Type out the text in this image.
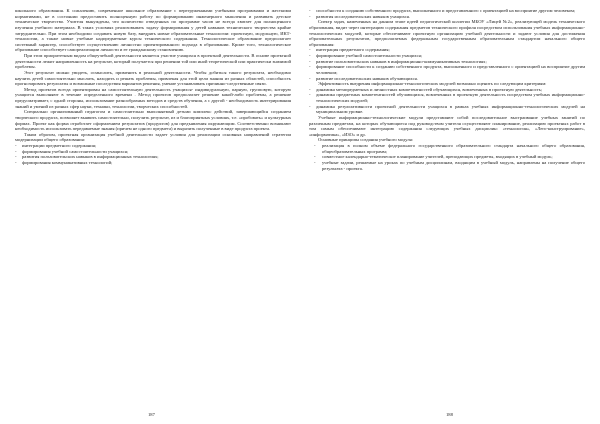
школьного образования. К сожалению, современное школьное образование с перегруженными учебными программами и жесткими нормативами, не в состоянии предоставить полноценную работу по формированию инженерного мышления и развивать детское техническое творчество. Учителя вынуждены, что количество отведенных по программе часов не всегда хватает для полноценного изучения учебного материала. В таких условиях реализовывать задачу формирования у детей навыков технического творчества крайне затруднительно. При этом необходимо создавать новую базу, внедрять новые образовательные технологии: проектную, модульную, ИКТ-технологии, а также новые учебные надпредметные курсы технического содержания. Технологическое образование предполагает системный характер, способствует осуществлению личностно ориентированного подхода в образовании. Кроме того, технологическое образование способствует самореализации личности и ее гражданскому становлению.

При этом приоритетным видом общеучебной деятельности является участие учащихся в проектной деятельности. В основе проектной деятельности лежит направленность на результат, который получается при решении той или иной теоретической или практически значимой проблемы.

Этот результат можно увидеть, осмыслить, применить в реальной деятельности. Чтобы добиться такого результата, необходимо научить детей самостоятельно мыслить, находить и решать проблемы, привлекая для этой цели знания из разных областей, способность прогнозировать результаты и возможные последствия вариантов решения, умение устанавливать причинно-следственные связи.

Метод проектов всегда ориентирован на самостоятельную деятельность учащихся- индивидуальную, парную, групповую, которую учащиеся выполняют в течение определенного времени . Метод проектов предполагает решение какой-либо проблемы, а решение предусматривает, с одной стороны, использование разнообразных методов и средств обучения, а с другой - необходимость интегрирования знаний и умений из разных сфер науки, техники, технологии, творческих способностей.

Специально организованный педагогом и самостоятельно выполняемый детьми комплекс действий, завершающийся созданием творческого продукта, позволяет выявить самостоятельно, получить результат, из и благоприятных условиях, т.е. «пробовать» и культурных формах. Проект как форма отработает оформлением результатов (продуктов) для предъявления окружающим. Соответственно возникают необходимость использовать передаваемые знания (причем не одного предмета) и выразить полученные в виде продукта проекта.

Таким образом, проектная организация учебной деятельности задает условия для реализации основных направлений стратегии модернизации общего образования:

- интеграции предметного содержания;
- формирования учебной самостоятельности учащихся;
- развития пользовательских навыков в информационных технологиях;
- формирования коммуникативных технологий;
187
- способности к созданию собственного продукта, выполненного и представленного с ориентацией на восприятие другим человеком;
- развития исследовательских навыков учащихся.

Спектр задач, намеченных на данном этапе идеей педагогической коллегии МБОУ «Лицей №2», реализующей модель технического образования, видит через интеграцию содержания предметов технического профиля посредством использования учебных информационно-технологических модулей, которые обеспечивают проектную организацию учебной деятельности и задают условия для достижения образовательных результатов, предполагаемых федеральным государственным образовательным стандартом начального общего образования:

- интеграция предметного содержания;
- формирование учебной самостоятельности учащихся;
- развитие пользовательских навыков в информационно-коммуникативных технологиях;
- формирование способности к созданию собственного продукта, выполненного и представленного с ориентацией на восприятие другим человеком;
- развитие исследовательских навыков обучающихся.

Эффективность внедрения информационно-технологических модулей возможно оценить по следующим критериям:

- динамика метапредметных и личностных компетентностей обучающихся, вовлеченных в проектную деятельность;
- динамика предметных компетентностей обучающихся, вовлеченных в проектную деятельность посредством учебных информационно-технологических модулей;
- динамика результативности проектной деятельности учащихся в рамках учебных информационно-технологических модулей на муниципальном уровне.

Учебные информационно-технологические модули представляют собой последовательное выстраивание учебных занятий по различным предметам, на которых обучающиеся под руководством учителя осуществляют планирование, реализацию проектных работ в том самым обеспечивают интеграцию содержания следующих учебных дисциплин: «технология», «Лего-конструирование», «информатика», «ИЗО» и др.

Основные принципы создания учебного модуля:

- реализация в полном объеме федерального государственного образовательного стандарта начального общего образования, общеобразовательных программ;
- совместное календарно-тематическое планирование учителей, преподающих предметы, входящих в учебный модуль;
- учебные задачи, решаемые на уроках по учебным дисциплинам, входящим в учебный модуль, направлены на получение общего результата - проекта.
188
